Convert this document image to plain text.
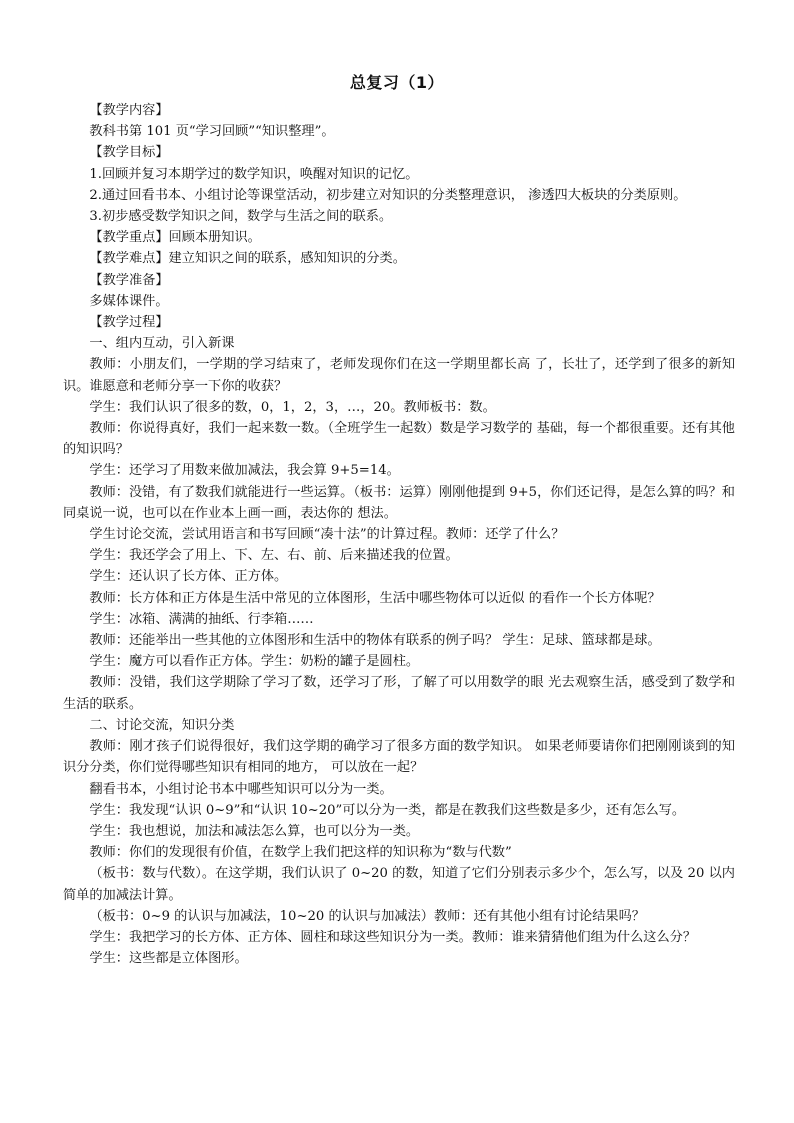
总复习（1）

【教学内容】

教科书第 101 页“学习回顾”“知识整理”。

【教学目标】

1.回顾并复习本期学过的数学知识，唤醒对知识的记忆。

2.通过回看书本、小组讨论等课堂活动，初步建立对知识的分类整理意识， 渗透四大板块的分类原则。

3.初步感受数学知识之间，数学与生活之间的联系。

【教学重点】回顾本册知识。

【教学难点】建立知识之间的联系，感知知识的分类。

【教学准备】

多媒体课件。

【教学过程】

一、组内互动，引入新课

教师：小朋友们，一学期的学习结束了，老师发现你们在这一学期里都长高 了，长壮了，还学到了很多的新知识。谁愿意和老师分享一下你的收获？

学生：我们认识了很多的数，0，1，2，3，…，20。教师板书：数。

教师：你说得真好，我们一起来数一数。（全班学生一起数）数是学习数学的 基础，每一个都很重要。还有其他的知识吗？

学生：还学习了用数来做加减法，我会算 9+5=14。

教师：没错，有了数我们就能进行一些运算。（板书：运算）刚刚他提到 9+5，你们还记得，是怎么算的吗？和同桌说一说，也可以在作业本上画一画，表达你的 想法。

学生讨论交流，尝试用语言和书写回顾“凑十法”的计算过程。教师：还学了什么？

学生：我还学会了用上、下、左、右、前、后来描述我的位置。

学生：还认识了长方体、正方体。

教师：长方体和正方体是生活中常见的立体图形，生活中哪些物体可以近似 的看作一个长方体呢？

学生：冰箱、满满的抽纸、行李箱……

教师：还能举出一些其他的立体图形和生活中的物体有联系的例子吗？ 学生：足球、篮球都是球。

学生：魔方可以看作正方体。学生：奶粉的罐子是圆柱。

教师：没错，我们这学期除了学习了数，还学习了形，了解了可以用数学的眼 光去观察生活，感受到了数学和生活的联系。

二、讨论交流，知识分类

教师：刚才孩子们说得很好，我们这学期的确学习了很多方面的数学知识。 如果老师要请你们把刚刚谈到的知识分分类，你们觉得哪些知识有相同的地方， 可以放在一起？

翻看书本，小组讨论书本中哪些知识可以分为一类。

学生：我发现“认识 0~9”和“认识 10~20”可以分为一类，都是在教我们这些数是多少，还有怎么写。

学生：我也想说，加法和减法怎么算，也可以分为一类。

教师：你们的发现很有价值，在数学上我们把这样的知识称为“数与代数”

（板书：数与代数）。在这学期，我们认识了 0~20 的数，知道了它们分别表示多少个，怎么写，以及 20 以内简单的加减法计算。

（板书：0~9 的认识与加减法，10~20 的认识与加减法）教师：还有其他小组有讨论结果吗？

学生：我把学习的长方体、正方体、圆柱和球这些知识分为一类。教师：谁来猜猜他们组为什么这么分？

学生：这些都是立体图形。
